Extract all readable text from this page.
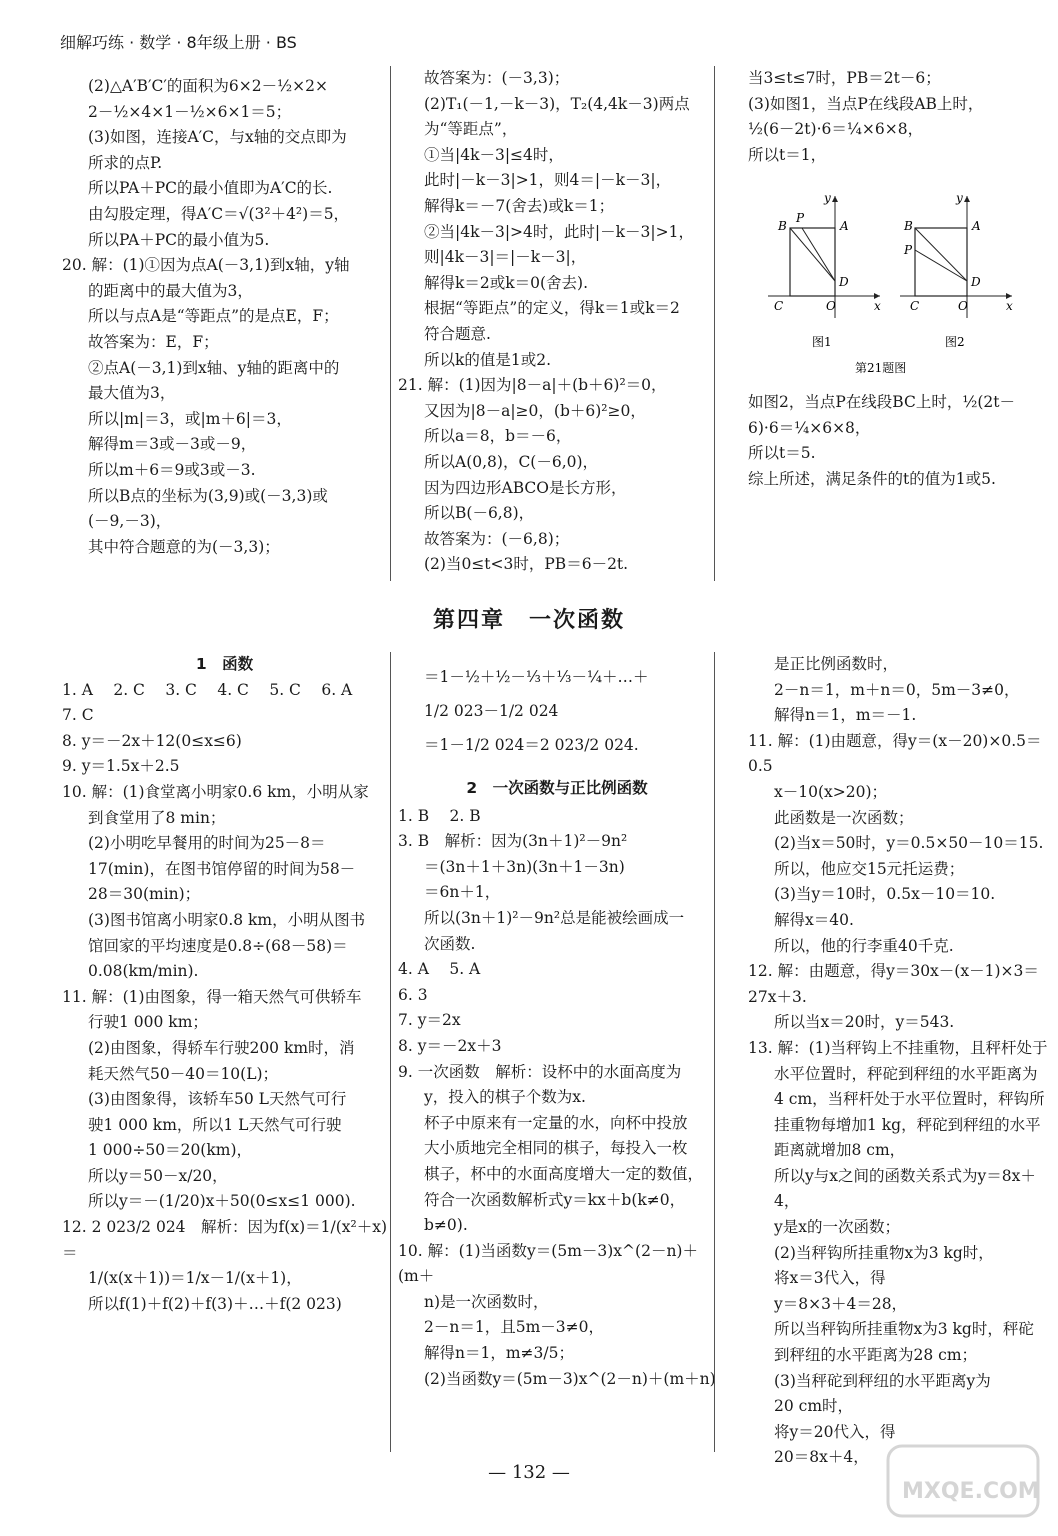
细解巧练 · 数学 · 8年级上册 · BS

(2)△A′B′C′的面积为6×2－½×2×

2－½×4×1－½×6×1＝5；

(3)如图，连接A′C，与x轴的交点即为

所求的点P.

所以PA＋PC的最小值即为A′C的长.

由勾股定理，得A′C＝√(3²＋4²)＝5，

所以PA＋PC的最小值为5.

20. 解：(1)①因为点A(－3,1)到x轴，y轴

的距离中的最大值为3，

所以与点A是“等距点”的是点E，F；

故答案为：E，F；

②点A(－3,1)到x轴、y轴的距离中的

最大值为3，

所以|m|＝3，或|m＋6|＝3，

解得m＝3或－3或－9，

所以m＋6＝9或3或－3.

所以B点的坐标为(3,9)或(－3,3)或

(－9,－3)，

其中符合题意的为(－3,3)；

故答案为：(－3,3)；

(2)T₁(－1,－k－3)，T₂(4,4k－3)两点

为“等距点”，

①当|4k－3|≤4时，

此时|－k－3|>1，则4＝|－k－3|，

解得k＝－7(舍去)或k＝1；

②当|4k－3|>4时，此时|－k－3|>1，

则|4k－3|＝|－k－3|，

解得k＝2或k＝0(舍去).

根据“等距点”的定义，得k＝1或k＝2

符合题意.

所以k的值是1或2.

21. 解：(1)因为|8－a|＋(b＋6)²＝0，

又因为|8－a|≥0，(b＋6)²≥0，

所以a＝8，b＝－6，

所以A(0,8)，C(－6,0)，

因为四边形ABCO是长方形，

所以B(－6,8)，

故答案为：(－6,8)；

(2)当0≤t<3时，PB＝6－2t.

当3≤t≤7时，PB＝2t－6；

(3)如图1，当点P在线段AB上时，

½(6－2t)·6＝¼×6×8，

所以t＝1，

B
P
A
D
C	O	x
y
图1
B
P
A
D
C	O	x
y
图2
第21题图

如图2，当点P在线段BC上时，½(2t－

6)·6＝¼×6×8，

所以t＝5.

综上所述，满足条件的t的值为1或5.

第四章　一次函数

1　函数

1. A　 2. C　 3. C　 4. C　 5. C　 6. A

7. C

8. y＝－2x＋12(0≤x≤6)

9. y＝1.5x＋2.5

10. 解：(1)食堂离小明家0.6 km，小明从家

到食堂用了8 min；

(2)小明吃早餐用的时间为25－8＝

17(min)，在图书馆停留的时间为58－

28＝30(min)；

(3)图书馆离小明家0.8 km，小明从图书

馆回家的平均速度是0.8÷(68－58)＝

0.08(km/min).

11. 解：(1)由图象，得一箱天然气可供轿车

行驶1 000 km；

(2)由图象，得轿车行驶200 km时，消

耗天然气50－40＝10(L)；

(3)由图象得，该轿车50 L天然气可行

驶1 000 km，所以1 L天然气可行驶

1 000÷50＝20(km)，

所以y＝50－x/20，

所以y＝－(1/20)x＋50(0≤x≤1 000).

12. 2 023/2 024　解析：因为f(x)＝1/(x²＋x)＝

1/(x(x＋1))＝1/x－1/(x＋1)，

所以f(1)＋f(2)＋f(3)＋…＋f(2 023)

＝1－½＋½－⅓＋⅓－¼＋…＋

1/2 023－1/2 024

＝1－1/2 024＝2 023/2 024.

2　一次函数与正比例函数

1. B　 2. B

3. B　解析：因为(3n＋1)²－9n²

＝(3n＋1＋3n)(3n＋1－3n)

＝6n＋1，

所以(3n＋1)²－9n²总是能被绘画成一

次函数.

4. A　 5. A

6. 3

7. y＝2x

8. y＝－2x＋3

9. 一次函数　解析：设杯中的水面高度为

y，投入的棋子个数为x.

杯子中原来有一定量的水，向杯中投放

大小质地完全相同的棋子，每投入一枚

棋子，杯中的水面高度增大一定的数值，

符合一次函数解析式y＝kx＋b(k≠0，

b≠0).

10. 解：(1)当函数y＝(5m－3)x^(2－n)＋(m＋

n)是一次函数时，

2－n＝1，且5m－3≠0，

解得n＝1，m≠3/5；

(2)当函数y＝(5m－3)x^(2－n)＋(m＋n)

是正比例函数时，

2－n＝1，m＋n＝0，5m－3≠0，

解得n＝1，m＝－1.

11. 解：(1)由题意，得y＝(x－20)×0.5＝0.5

x－10(x>20)；

此函数是一次函数；

(2)当x＝50时，y＝0.5×50－10＝15.

所以，他应交15元托运费；

(3)当y＝10时，0.5x－10＝10.

解得x＝40.

所以，他的行李重40千克.

12. 解：由题意，得y＝30x－(x－1)×3＝27x＋3.

所以当x＝20时，y＝543.

13. 解：(1)当秤钩上不挂重物，且秤杆处于

水平位置时，秤砣到秤纽的水平距离为

4 cm，当秤杆处于水平位置时，秤钩所

挂重物每增加1 kg，秤砣到秤纽的水平

距离就增加8 cm，

所以y与x之间的函数关系式为y＝8x＋4，

y是x的一次函数；

(2)当秤钩所挂重物x为3 kg时，

将x＝3代入，得

y＝8×3＋4＝28，

所以当秤钩所挂重物x为3 kg时，秤砣

到秤纽的水平距离为28 cm；

(3)当秤砣到秤纽的水平距离y为

20 cm时，

将y＝20代入，得

20＝8x＋4，

— 132 —
MXQE.COM
